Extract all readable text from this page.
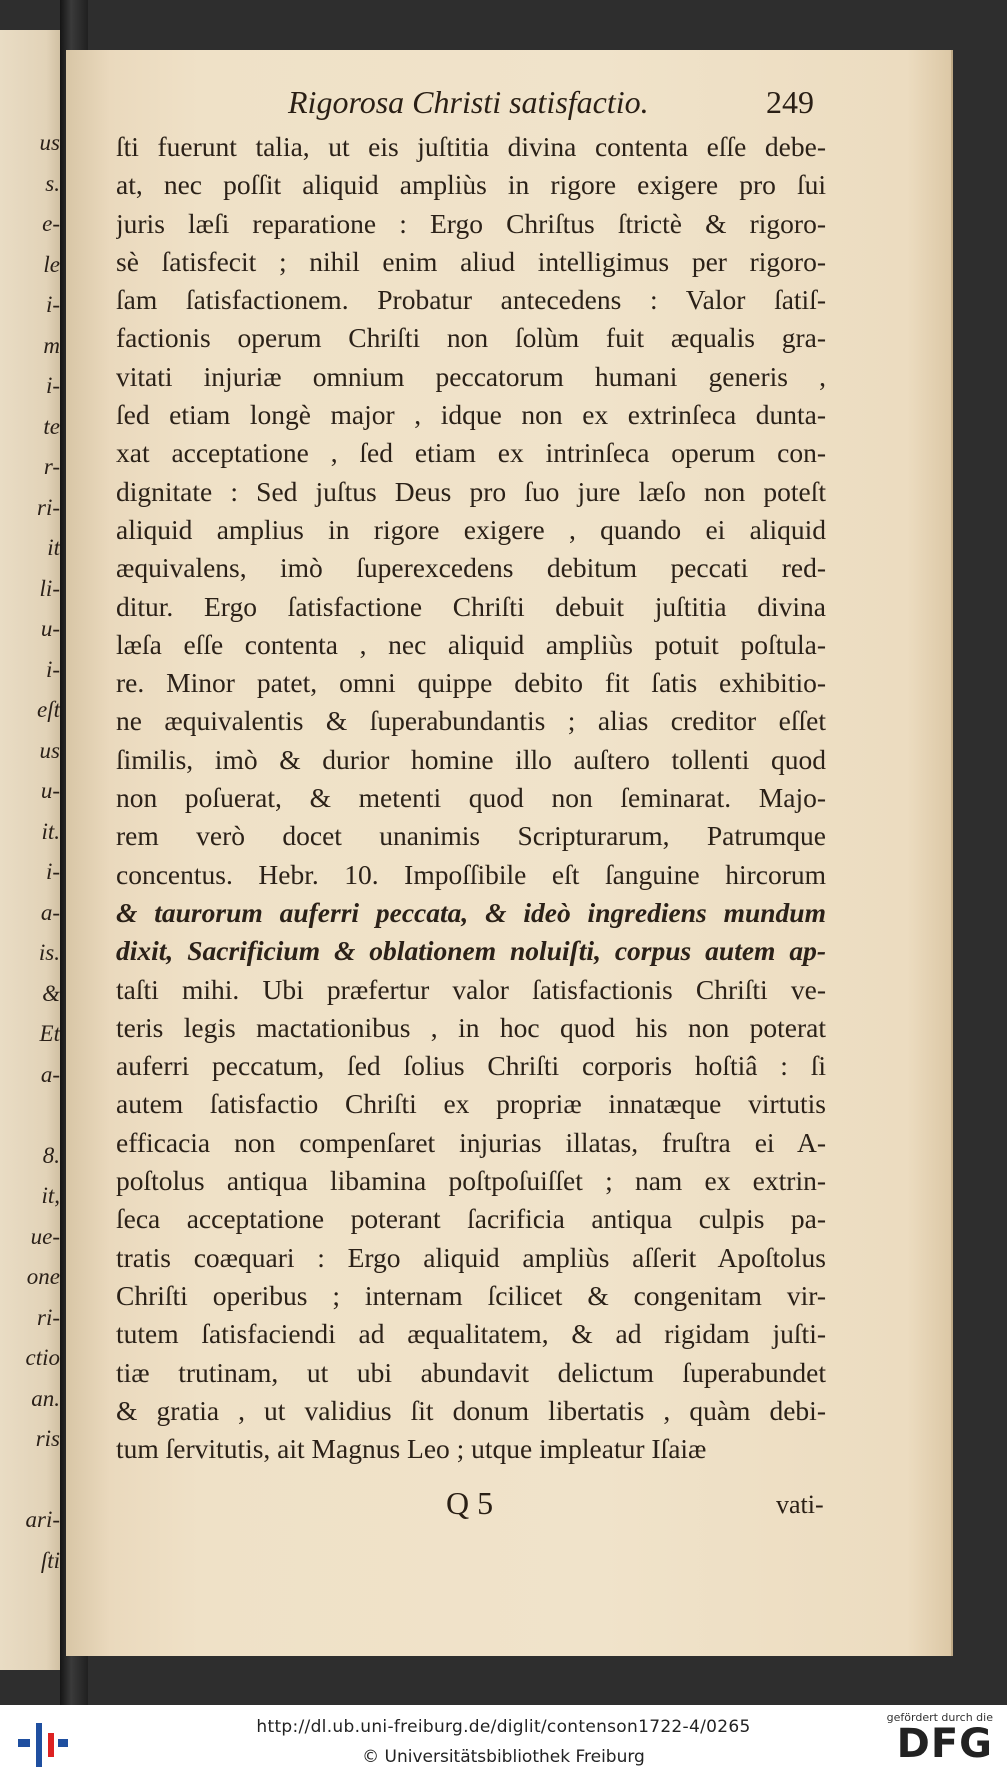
us
s.
e-
le
i-
m
i-
te
r-
ri-
it
li-
u-
i-
eſt
us
u-
it.
i-
a-
is.
&
Et
a-
8.
it,
ue-
one
ri-
ctio
an.
ris
ari-
ſti
Rigorosa Christi satisfactio.	249
ſti fuerunt talia, ut eis juſtitia divina contenta eſſe debe-
at, nec poſſit aliquid ampliùs in rigore exigere pro ſui
juris læſi reparatione : Ergo Chriſtus ſtrictè & rigoro-
sè ſatisfecit ; nihil enim aliud intelligimus per rigoro-
ſam ſatisfactionem. Probatur antecedens : Valor ſatiſ-
factionis operum Chriſti non ſolùm fuit æqualis gra-
vitati injuriæ omnium peccatorum humani generis ,
ſed etiam longè major , idque non ex extrinſeca dunta-
xat acceptatione , ſed etiam ex intrinſeca operum con-
dignitate : Sed juſtus Deus pro ſuo jure læſo non poteſt
aliquid amplius in rigore exigere , quando ei aliquid
æquivalens, imò ſuperexcedens debitum peccati red-
ditur. Ergo ſatisfactione Chriſti debuit juſtitia divina
læſa eſſe contenta , nec aliquid ampliùs potuit poſtula-
re. Minor patet, omni quippe debito fit ſatis exhibitio-
ne æquivalentis & ſuperabundantis ; alias creditor eſſet
ſimilis, imò & durior homine illo auſtero tollenti quod
non poſuerat, & metenti quod non ſeminarat. Majo-
rem verò docet unanimis Scripturarum, Patrumque
concentus. Hebr. 10. Impoſſibile eſt ſanguine hircorum
& taurorum auferri peccata, & ideò ingrediens mundum
dixit, Sacrificium & oblationem noluiſti, corpus autem ap-
taſti mihi. Ubi præfertur valor ſatisfactionis Chriſti ve-
teris legis mactationibus , in hoc quod his non poterat
auferri peccatum, ſed ſolius Chriſti corporis hoſtiâ : ſi
autem ſatisfactio Chriſti ex propriæ innatæque virtutis
efficacia non compenſaret injurias illatas, fruſtra ei A-
poſtolus antiqua libamina poſtpoſuiſſet ; nam ex extrin-
ſeca acceptatione poterant ſacrificia antiqua culpis pa-
tratis coæquari : Ergo aliquid ampliùs aſſerit Apoſtolus
Chriſti operibus ; internam ſcilicet & congenitam vir-
tutem ſatisfaciendi ad æqualitatem, & ad rigidam juſti-
tiæ trutinam, ut ubi abundavit delictum ſuperabundet
& gratia , ut validius ſit donum libertatis , quàm debi-
tum ſervitutis, ait Magnus Leo ; utque impleatur Iſaiæ
Q 5	vati-
http://dl.ub.uni-freiburg.de/diglit/contenson1722-4/0265
© Universitätsbibliothek Freiburg
gefördert durch die
DFG
